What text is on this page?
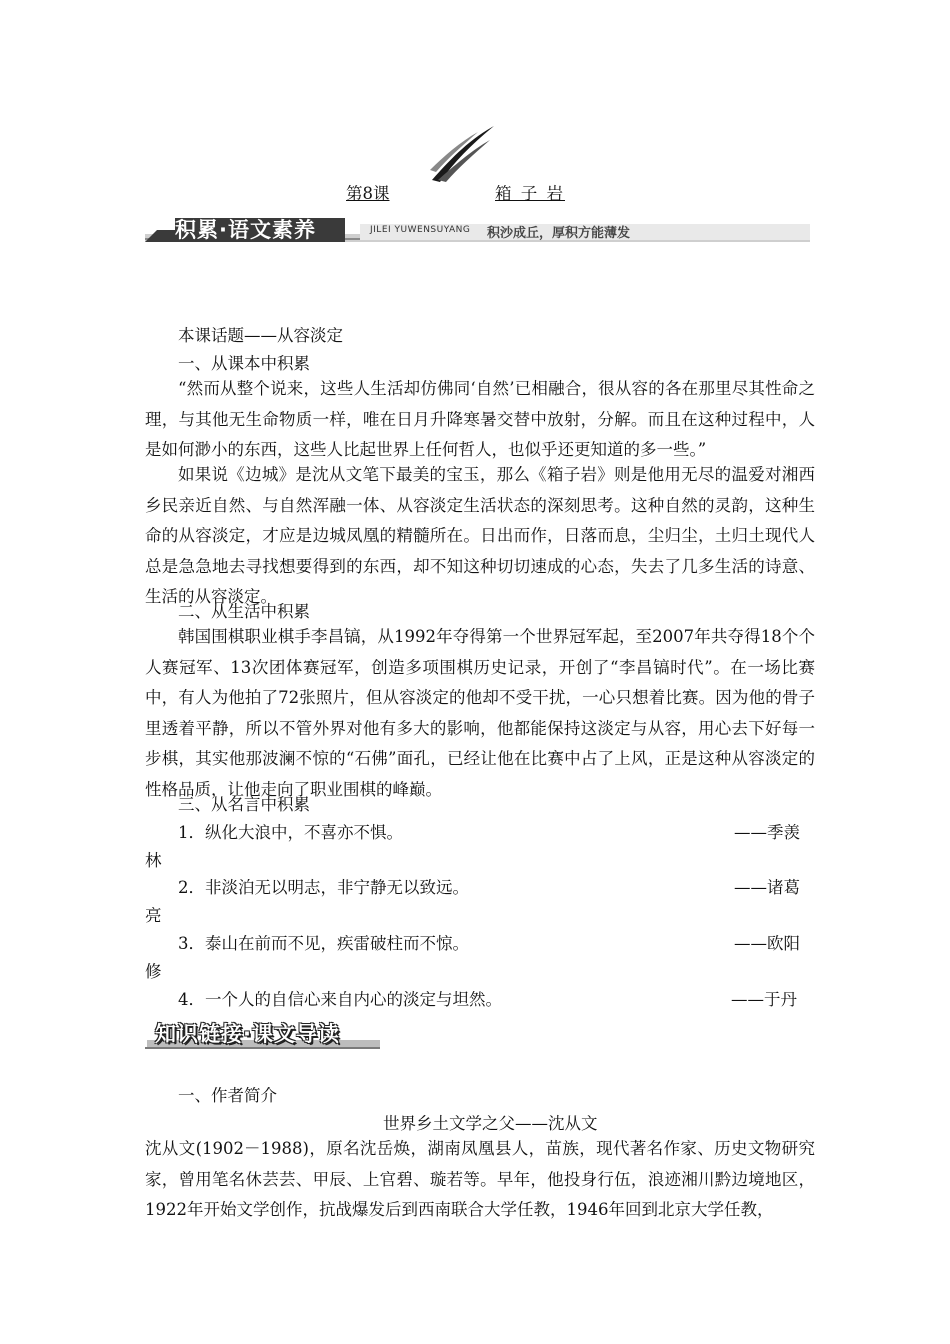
第8课	箱 子 岩
积累·语文素养	JILEI YUWENSUYANG 积沙成丘，厚积方能薄发
本课话题——从容淡定
一、从课本中积累
“然而从整个说来，这些人生活却仿佛同‘自然’已相融合，很从容的各在那里尽其性命之理，与其他无生命物质一样，唯在日月升降寒暑交替中放射，分解。而且在这种过程中，人是如何渺小的东西，这些人比起世界上任何哲人，也似乎还更知道的多一些。”
如果说《边城》是沈从文笔下最美的宝玉，那么《箱子岩》则是他用无尽的温爱对湘西乡民亲近自然、与自然浑融一体、从容淡定生活状态的深刻思考。这种自然的灵韵，这种生命的从容淡定，才应是边城凤凰的精髓所在。日出而作，日落而息，尘归尘，土归土现代人总是急急地去寻找想要得到的东西，却不知这种切切速成的心态，失去了几多生活的诗意、生活的从容淡定。
二、从生活中积累
韩国围棋职业棋手李昌镐，从1992年夺得第一个世界冠军起，至2007年共夺得18个个人赛冠军、13次团体赛冠军，创造多项围棋历史记录，开创了“李昌镐时代”。在一场比赛中，有人为他拍了72张照片，但从容淡定的他却不受干扰，一心只想着比赛。因为他的骨子里透着平静，所以不管外界对他有多大的影响，他都能保持这淡定与从容，用心去下好每一步棋，其实他那波澜不惊的“石佛”面孔，已经让他在比赛中占了上风，正是这种从容淡定的性格品质，让他走向了职业围棋的峰巅。
三、从名言中积累
1．纵化大浪中，不喜亦不惧。	——季羡
林
2．非淡泊无以明志，非宁静无以致远。	——诸葛
亮
3．泰山在前而不见，疾雷破柱而不惊。	——欧阳
修
4．一个人的自信心来自内心的淡定与坦然。	——于丹
知识链接·课文导读
一、作者简介
世界乡土文学之父——沈从文
沈从文(1902－1988)，原名沈岳焕，湖南凤凰县人，苗族，现代著名作家、历史文物研究家，曾用笔名休芸芸、甲辰、上官碧、璇若等。早年，他投身行伍，浪迹湘川黔边境地区，1922年开始文学创作，抗战爆发后到西南联合大学任教，1946年回到北京大学任教，
